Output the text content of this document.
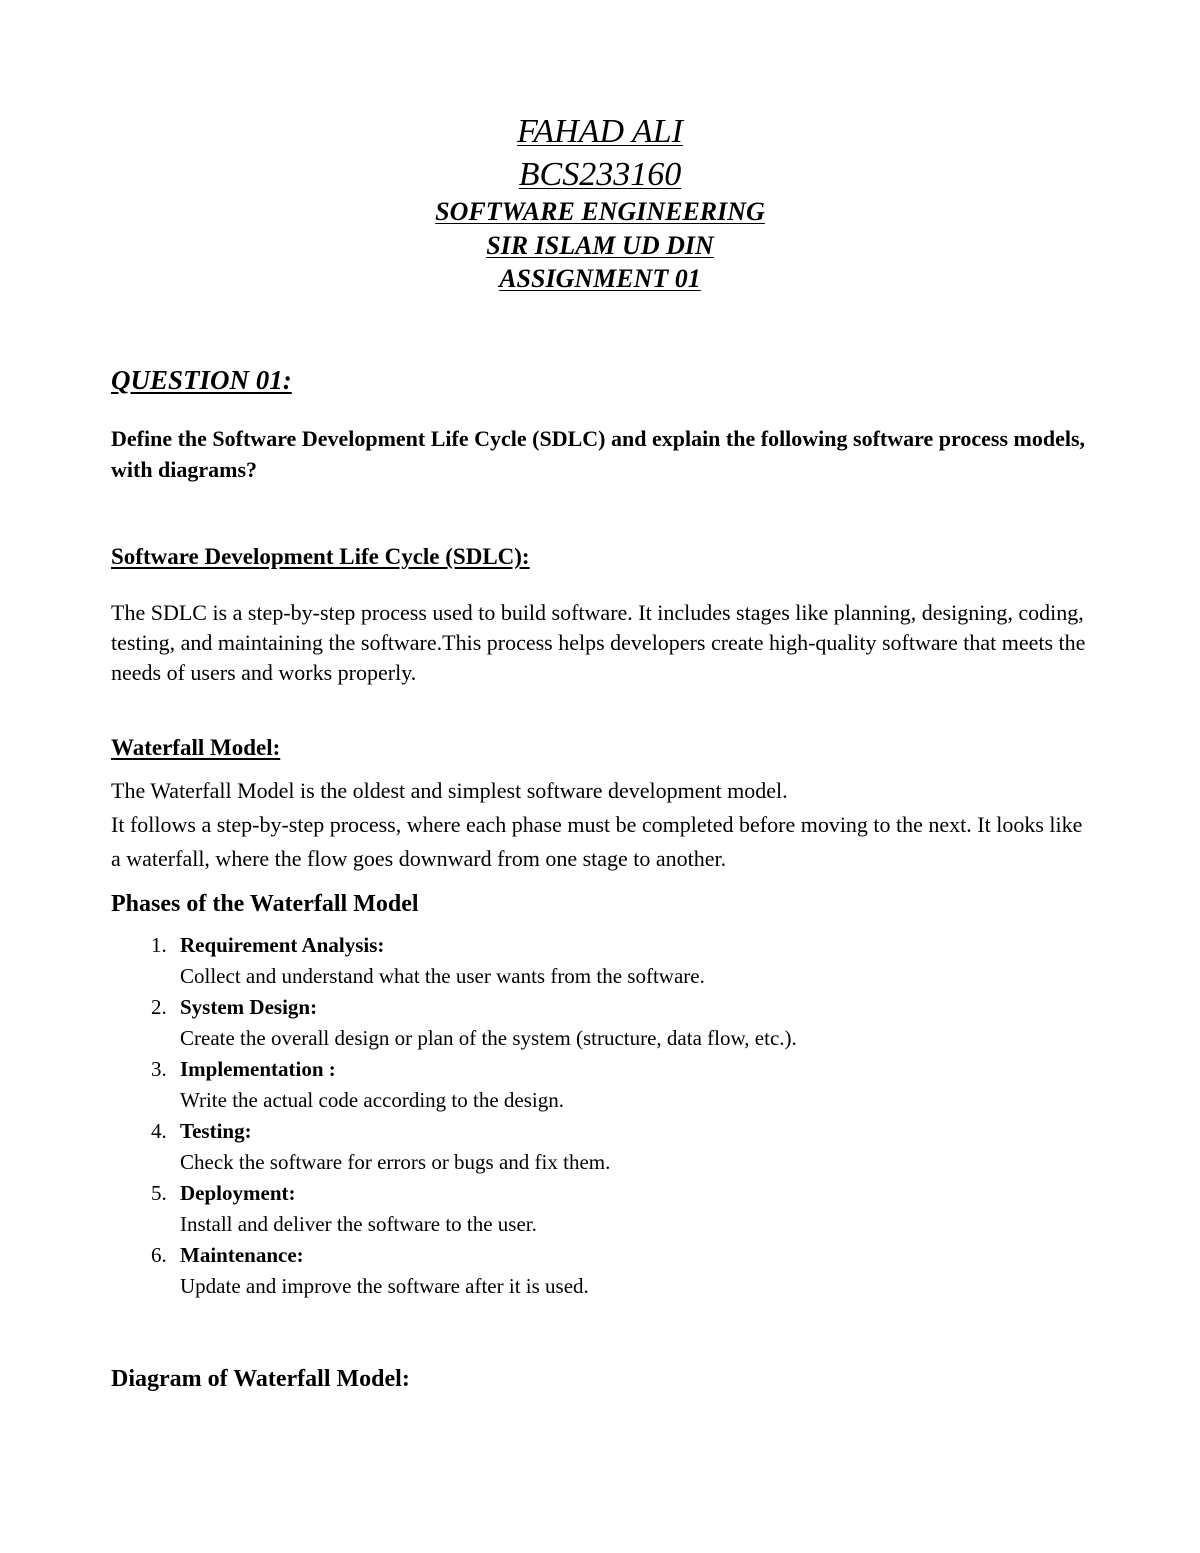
FAHAD ALI
BCS233160
SOFTWARE ENGINEERING
SIR ISLAM UD DIN
ASSIGNMENT 01
QUESTION 01:

Define the Software Development Life Cycle (SDLC) and explain the following software process models, with diagrams?

Software Development Life Cycle (SDLC):

The SDLC is a step-by-step process used to build software. It includes stages like planning, designing, coding, testing, and maintaining the software.This process helps developers create high-quality software that meets the needs of users and works properly.

Waterfall Model:
The Waterfall Model is the oldest and simplest software development model.
It follows a step-by-step process, where each phase must be completed before moving to the next. It looks like a waterfall, where the flow goes downward from one stage to another.
Phases of the Waterfall Model
1. Requirement Analysis:
Collect and understand what the user wants from the software.
2. System Design:
Create the overall design or plan of the system (structure, data flow, etc.).
3. Implementation :
Write the actual code according to the design.
4. Testing:
Check the software for errors or bugs and fix them.
5. Deployment:
Install and deliver the software to the user.
6. Maintenance:
Update and improve the software after it is used.
Diagram of Waterfall Model:
